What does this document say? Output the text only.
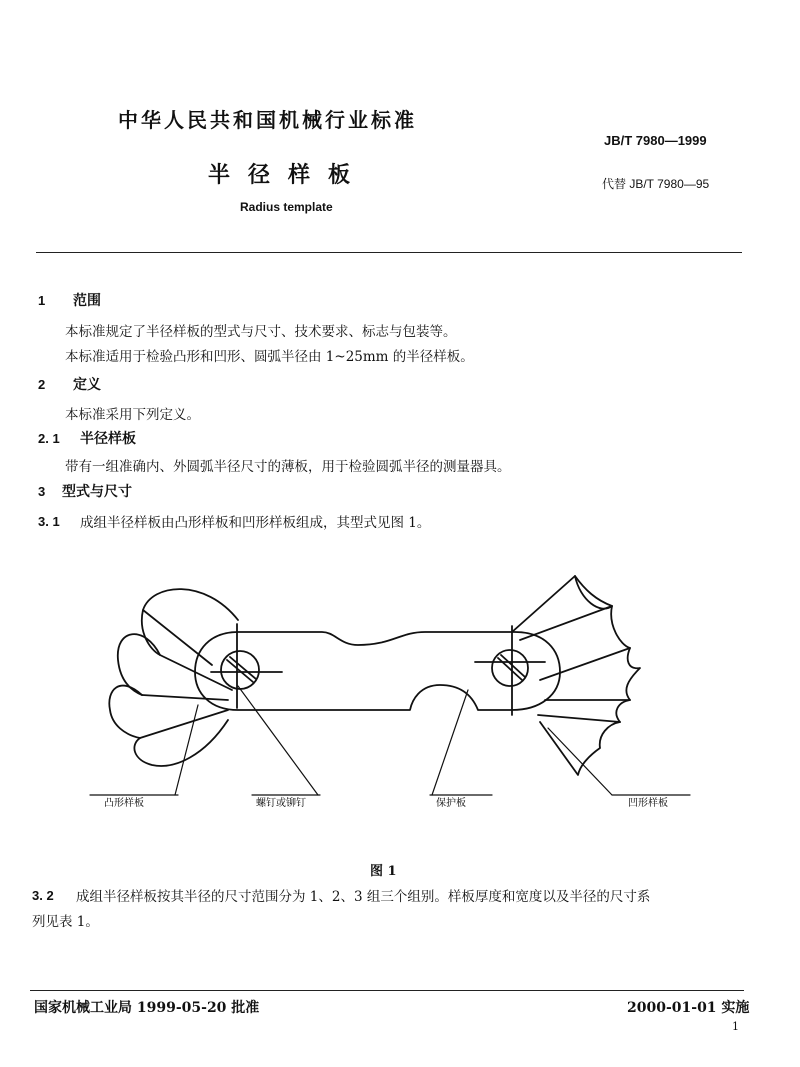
中华人民共和国机械行业标准
JB/T 7980—1999
半径样板	代替 JB/T 7980—95
Radius template
1 范围
本标准规定了半径样板的型式与尺寸、技术要求、标志与包装等。
本标准适用于检验凸形和凹形、圆弧半径由 1~25mm 的半径样板。
2 定义
本标准采用下列定义。
2. 1 半径样板
带有一组准确内、外圆弧半径尺寸的薄板，用于检验圆弧半径的测量器具。
3 型式与尺寸
3. 1 成组半径样板由凸形样板和凹形样板组成，其型式见图 1。
凸形样板	螺钉或铆钉	保护板	凹形样板
图 1
3. 2 成组半径样板按其半径的尺寸范围分为 1、2、3 组三个组别。样板厚度和宽度以及半径的尺寸系
列见表 1。
国家机械工业局 1999-05-20 批准	2000-01-01 实施
1
